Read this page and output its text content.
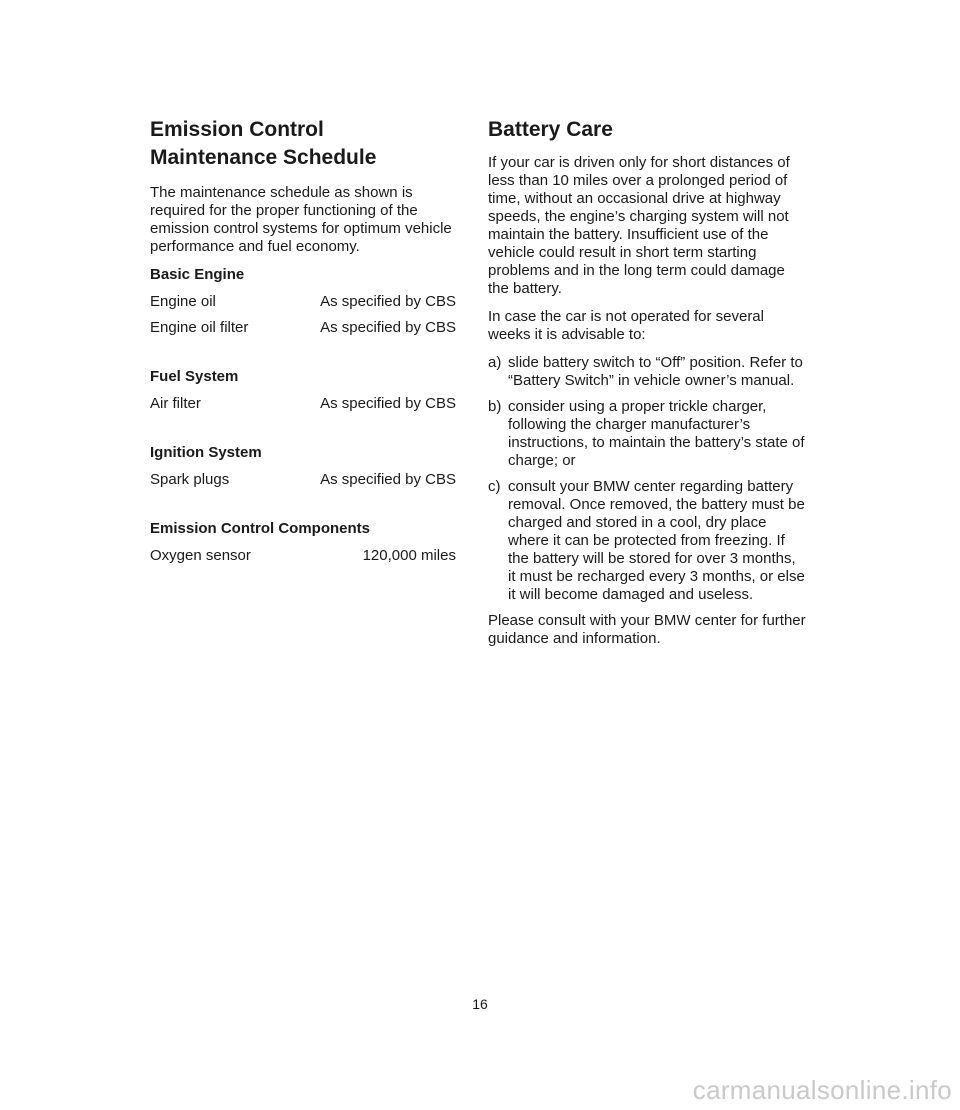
Emission Control
Maintenance Schedule

The maintenance schedule as shown is required for the proper functioning of the emission control systems for optimum vehicle performance and fuel economy.

Basic Engine
Engine oil	As specified by CBS
Engine oil filter	As specified by CBS
Fuel System
Air filter	As specified by CBS
Ignition System
Spark plugs	As specified by CBS
Emission Control Components
Oxygen sensor	120,000 miles
Battery Care

If your car is driven only for short distances of less than 10 miles over a prolonged period of time, without an occasional drive at highway speeds, the engine’s charging system will not maintain the battery. Insufficient use of the vehicle could result in short term starting problems and in the long term could damage the battery.

In case the car is not operated for several weeks it is advisable to:

a) slide battery switch to “Off” position. Refer to “Battery Switch” in vehicle owner’s manual.
b) consider using a proper trickle charger, following the charger manufacturer’s instructions, to maintain the battery’s state of charge; or
c) consult your BMW center regarding battery removal. Once removed, the battery must be charged and stored in a cool, dry place where it can be protected from freezing. If the battery will be stored for over 3 months, it must be recharged every 3 months, or else it will become damaged and useless.

Please consult with your BMW center for further guidance and information.

16
carmanualsonline.info
